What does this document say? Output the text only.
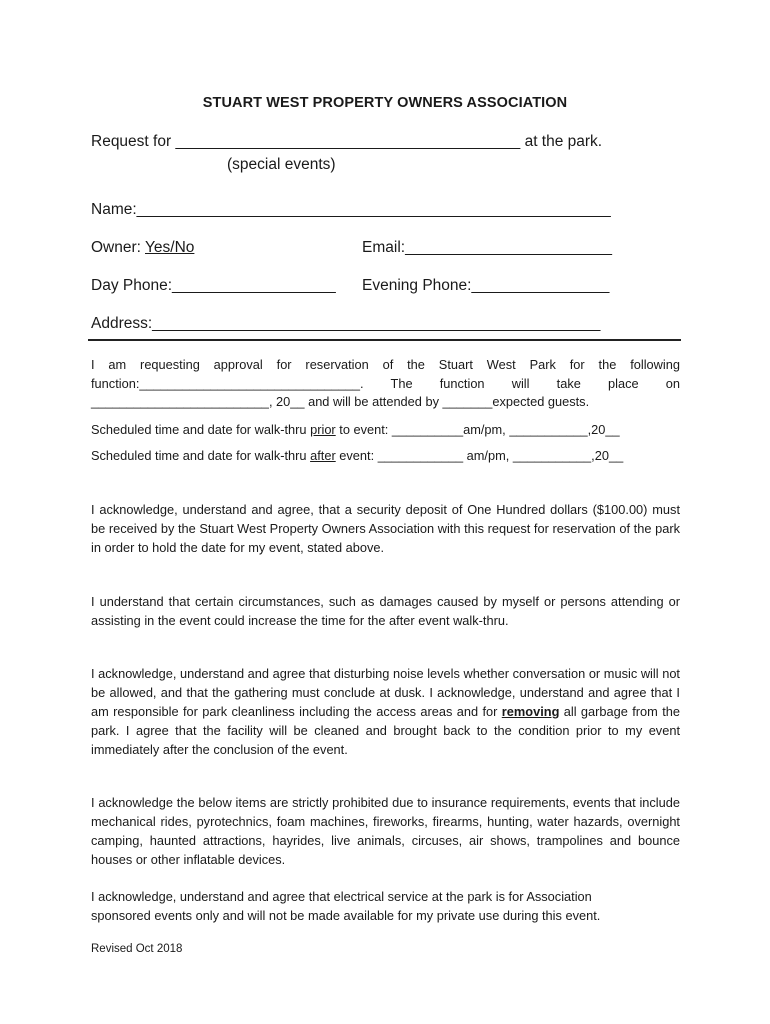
STUART WEST PROPERTY OWNERS ASSOCIATION
Request for ________________________________________ at the park.
(special events)
Name:_______________________________________________________
Owner: Yes/No	Email:________________________
Day Phone:___________________ Evening Phone:________________
Address:____________________________________________________
I am requesting approval for reservation of the Stuart West Park for the following
function:_______________________________. The function will take place on
_________________________, 20__ and will be attended by _______expected guests.
Scheduled time and date for walk-thru prior to event: __________am/pm, ___________,20__
Scheduled time and date for walk-thru after event: ____________ am/pm, ___________,20__
I acknowledge, understand and agree, that a security deposit of One Hundred dollars ($100.00) must be received by the Stuart West Property Owners Association with this request for reservation of the park in order to hold the date for my event, stated above.
I understand that certain circumstances, such as damages caused by myself or persons attending or assisting in the event could increase the time for the after event walk-thru.
I acknowledge, understand and agree that disturbing noise levels whether conversation or music will not be allowed, and that the gathering must conclude at dusk. I acknowledge, understand and agree that I am responsible for park cleanliness including the access areas and for removing all garbage from the park. I agree that the facility will be cleaned and brought back to the condition prior to my event immediately after the conclusion of the event.
I acknowledge the below items are strictly prohibited due to insurance requirements, events that include mechanical rides, pyrotechnics, foam machines, fireworks, firearms, hunting, water hazards, overnight camping, haunted attractions, hayrides, live animals, circuses, air shows, trampolines and bounce houses or other inflatable devices.
I acknowledge, understand and agree that electrical service at the park is for Association sponsored events only and will not be made available for my private use during this event.
Revised Oct 2018
